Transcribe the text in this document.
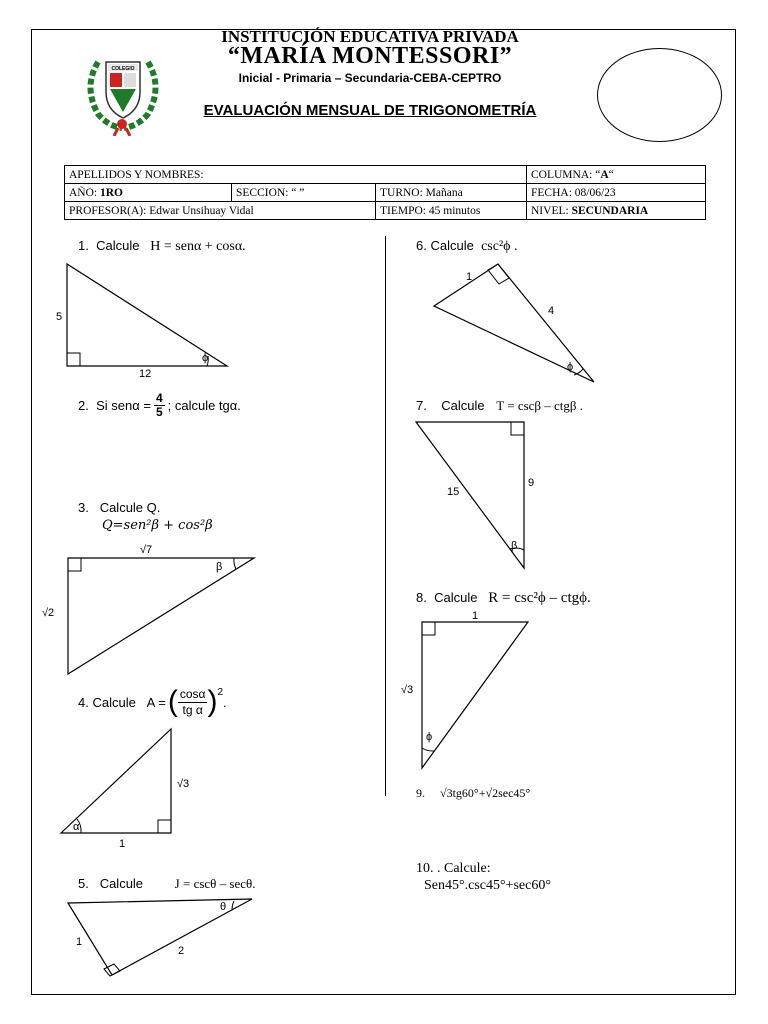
COLEGIO
INSTITUCIÓN EDUCATIVA PRIVADA
“MARÍA MONTESSORI”
Inicial - Primaria – Secundaria-CEBA-CEPTRO
EVALUACIÓN MENSUAL DE TRIGONOMETRÍA
APELLIDOS Y NOMBRES:			COLUMNA: “A“
AÑO: 1RO	SECCION: “ ”	TURNO: Mañana	FECHA: 08/06/23
PROFESOR(A): Edwar Unsihuay Vidal		TIEMPO: 45 minutos	NIVEL: SECUNDARIA
1. Calcule H = senα + cosα.
5
12
ϕ
2.
Si $sen\alpha = \frac{4}{5}$ ; calcule tgα.
3. Calcule Q.
Q=sen²β + cos²β
√7
√2
β
4.
Calcule
A = ( cosα
tg α )$^2$
.
√3
1
α
5. Calcule J = cscθ – secθ.
1
2
θ
6. Calcule csc²ϕ .
1
4
ϕ
7. Calcule T = cscβ – ctgβ .
15
9
β
8. Calcule R = csc²ϕ – ctgϕ.
1
√3
ϕ
9. √3tg60°+√2sec45°
10. . Calcule:
Sen45°.csc45°+sec60°
